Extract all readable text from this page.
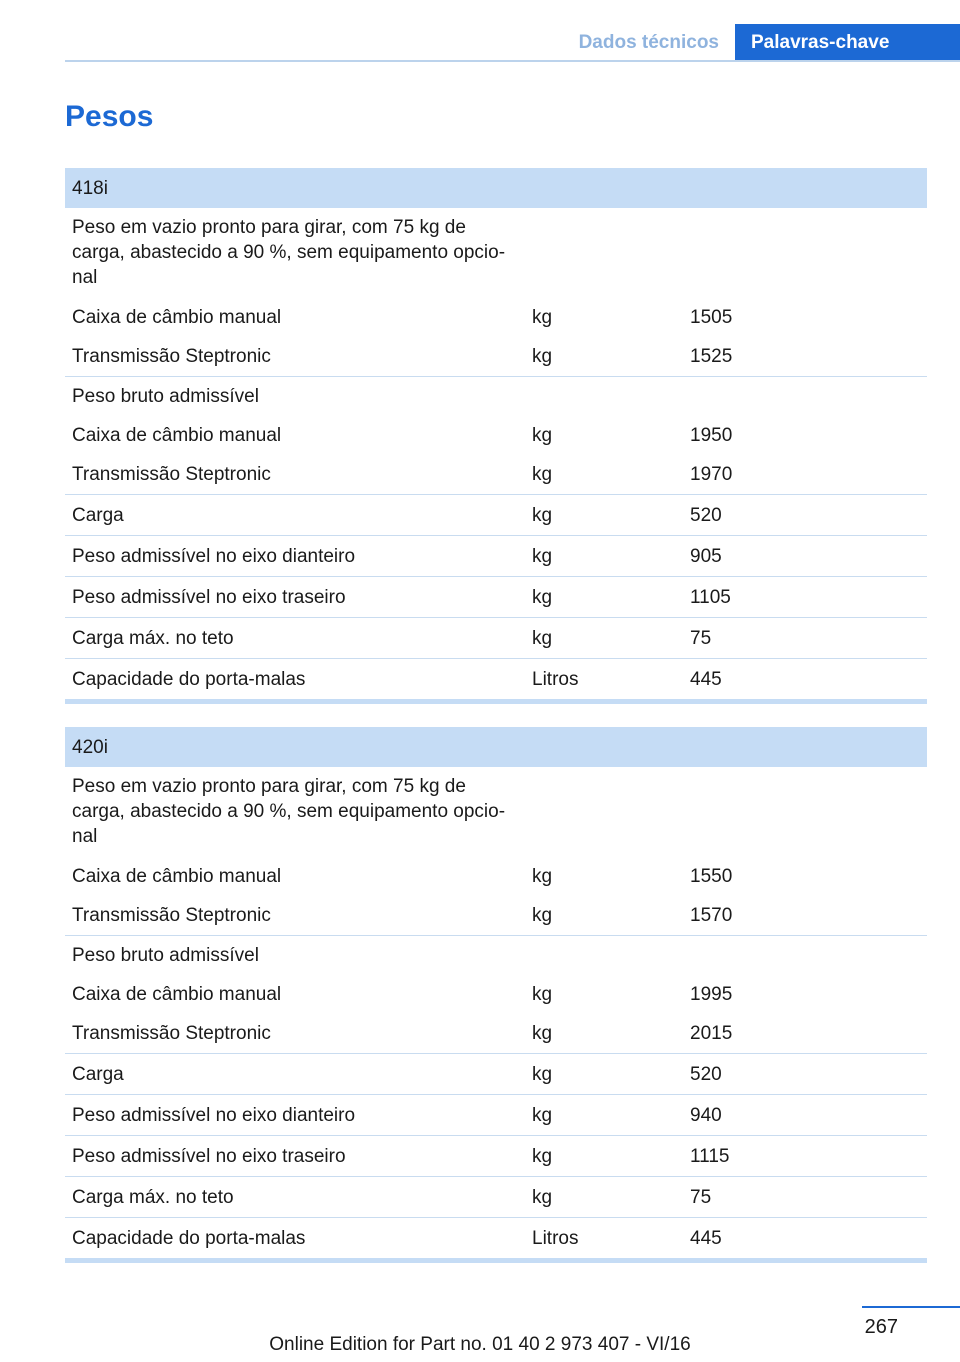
Dados técnicos	Palavras-chave
Pesos
418i		
Peso em vazio pronto para girar, com 75 kg de carga, abastecido a 90 %, sem equipamento opcio-nal		
Caixa de câmbio manual	kg	1505
Transmissão Steptronic	kg	1525
Peso bruto admissível		
Caixa de câmbio manual	kg	1950
Transmissão Steptronic	kg	1970
Carga	kg	520
Peso admissível no eixo dianteiro	kg	905
Peso admissível no eixo traseiro	kg	1105
Carga máx. no teto	kg	75
Capacidade do porta-malas	Litros	445
420i		
Peso em vazio pronto para girar, com 75 kg de carga, abastecido a 90 %, sem equipamento opcio-nal		
Caixa de câmbio manual	kg	1550
Transmissão Steptronic	kg	1570
Peso bruto admissível		
Caixa de câmbio manual	kg	1995
Transmissão Steptronic	kg	2015
Carga	kg	520
Peso admissível no eixo dianteiro	kg	940
Peso admissível no eixo traseiro	kg	1115
Carga máx. no teto	kg	75
Capacidade do porta-malas	Litros	445
267
Online Edition for Part no. 01 40 2 973 407 - VI/16
